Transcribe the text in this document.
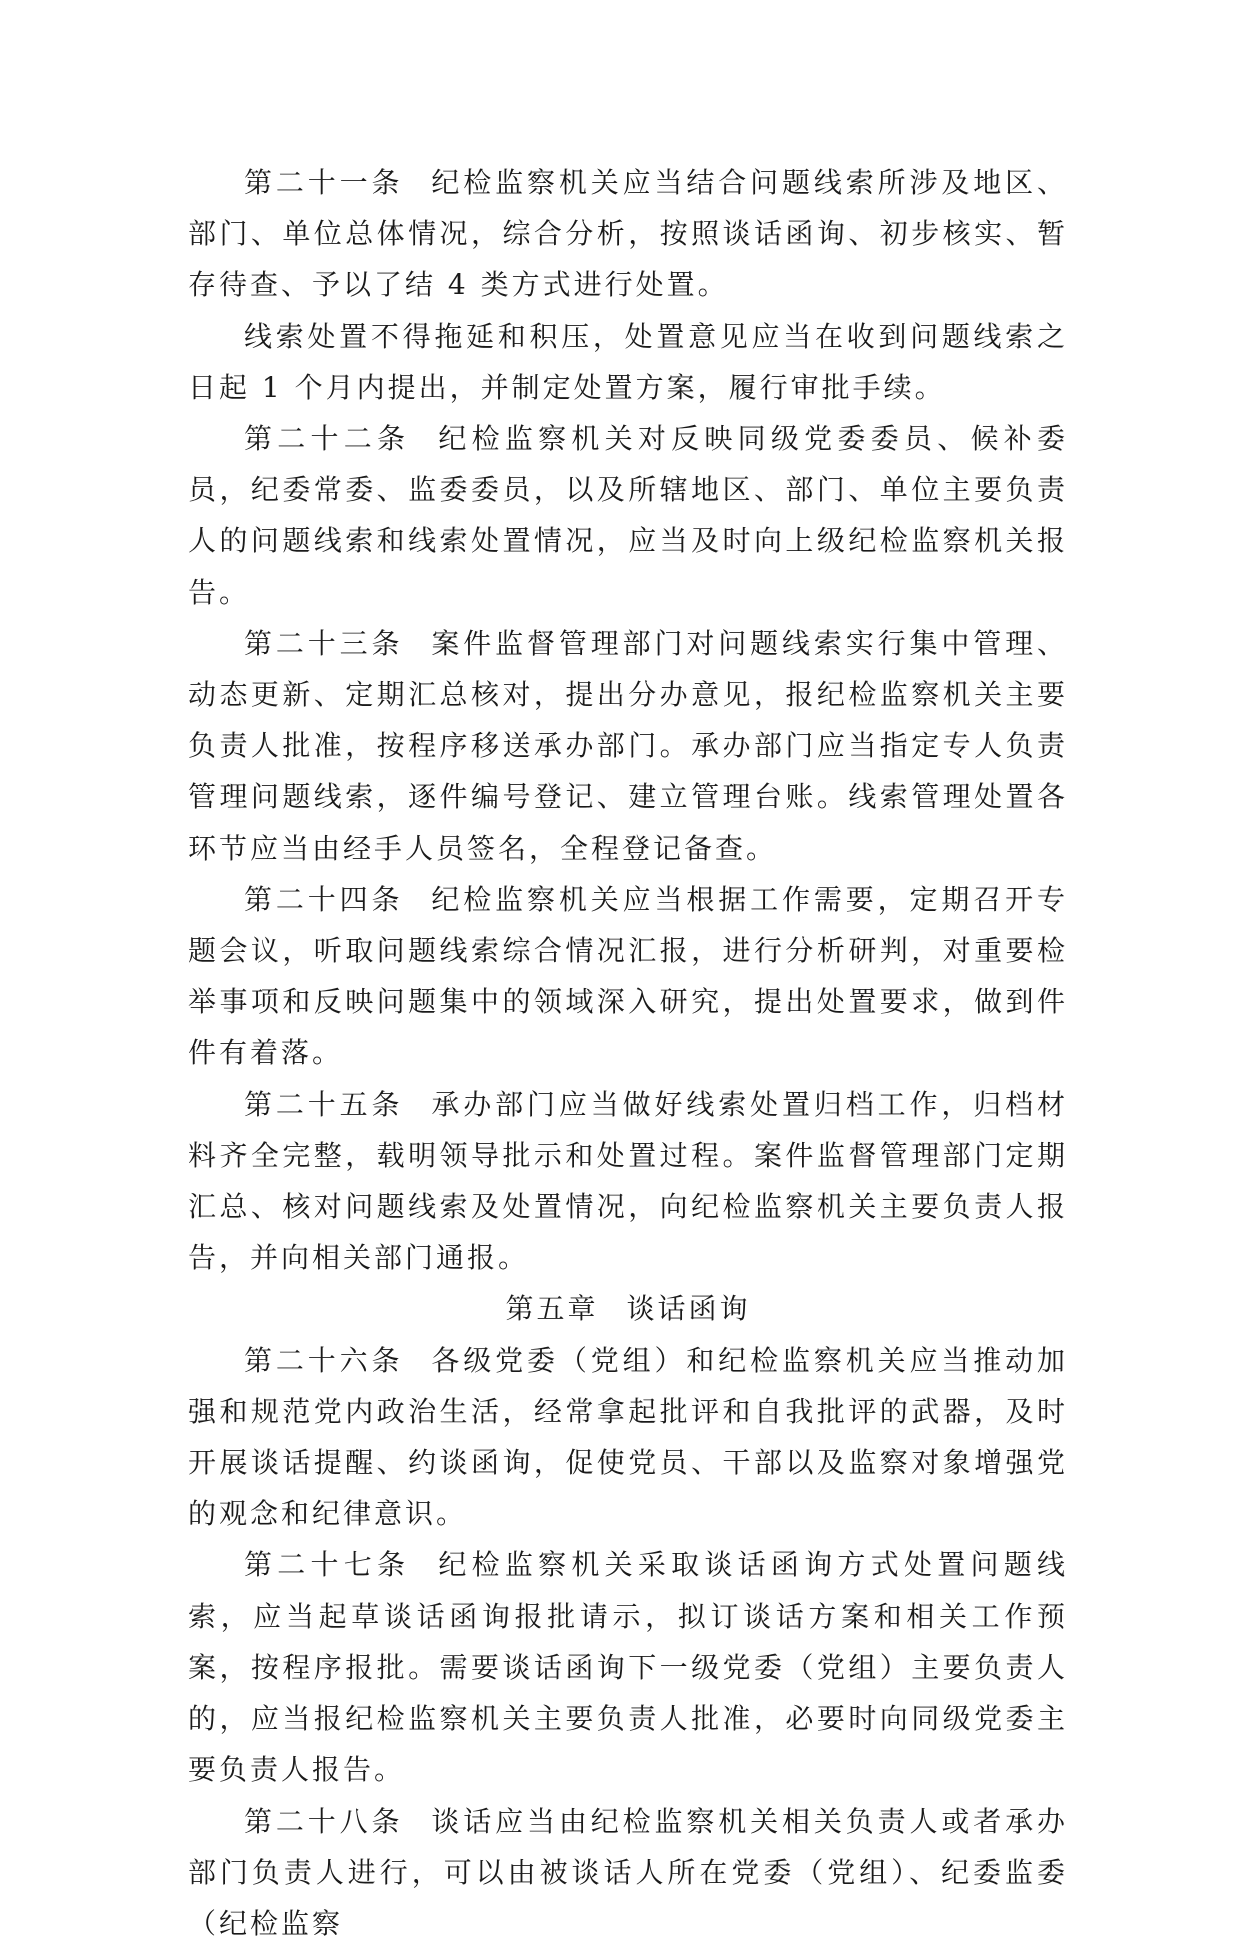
第二十一条 纪检监察机关应当结合问题线索所涉及地区、部门、单位总体情况，综合分析，按照谈话函询、初步核实、暂存待查、予以了结 4 类方式进行处置。

线索处置不得拖延和积压，处置意见应当在收到问题线索之日起 1 个月内提出，并制定处置方案，履行审批手续。

第二十二条 纪检监察机关对反映同级党委委员、候补委员，纪委常委、监委委员，以及所辖地区、部门、单位主要负责人的问题线索和线索处置情况，应当及时向上级纪检监察机关报告。

第二十三条 案件监督管理部门对问题线索实行集中管理、动态更新、定期汇总核对，提出分办意见，报纪检监察机关主要负责人批准，按程序移送承办部门。承办部门应当指定专人负责管理问题线索，逐件编号登记、建立管理台账。线索管理处置各环节应当由经手人员签名，全程登记备查。

第二十四条 纪检监察机关应当根据工作需要，定期召开专题会议，听取问题线索综合情况汇报，进行分析研判，对重要检举事项和反映问题集中的领域深入研究，提出处置要求，做到件件有着落。

第二十五条 承办部门应当做好线索处置归档工作，归档材料齐全完整，载明领导批示和处置过程。案件监督管理部门定期汇总、核对问题线索及处置情况，向纪检监察机关主要负责人报告，并向相关部门通报。

第五章 谈话函询

第二十六条 各级党委（党组）和纪检监察机关应当推动加强和规范党内政治生活，经常拿起批评和自我批评的武器，及时开展谈话提醒、约谈函询，促使党员、干部以及监察对象增强党的观念和纪律意识。

第二十七条 纪检监察机关采取谈话函询方式处置问题线索，应当起草谈话函询报批请示，拟订谈话方案和相关工作预案，按程序报批。需要谈话函询下一级党委（党组）主要负责人的，应当报纪检监察机关主要负责人批准，必要时向同级党委主要负责人报告。

第二十八条 谈话应当由纪检监察机关相关负责人或者承办部门负责人进行，可以由被谈话人所在党委（党组）、纪委监委（纪检监察
